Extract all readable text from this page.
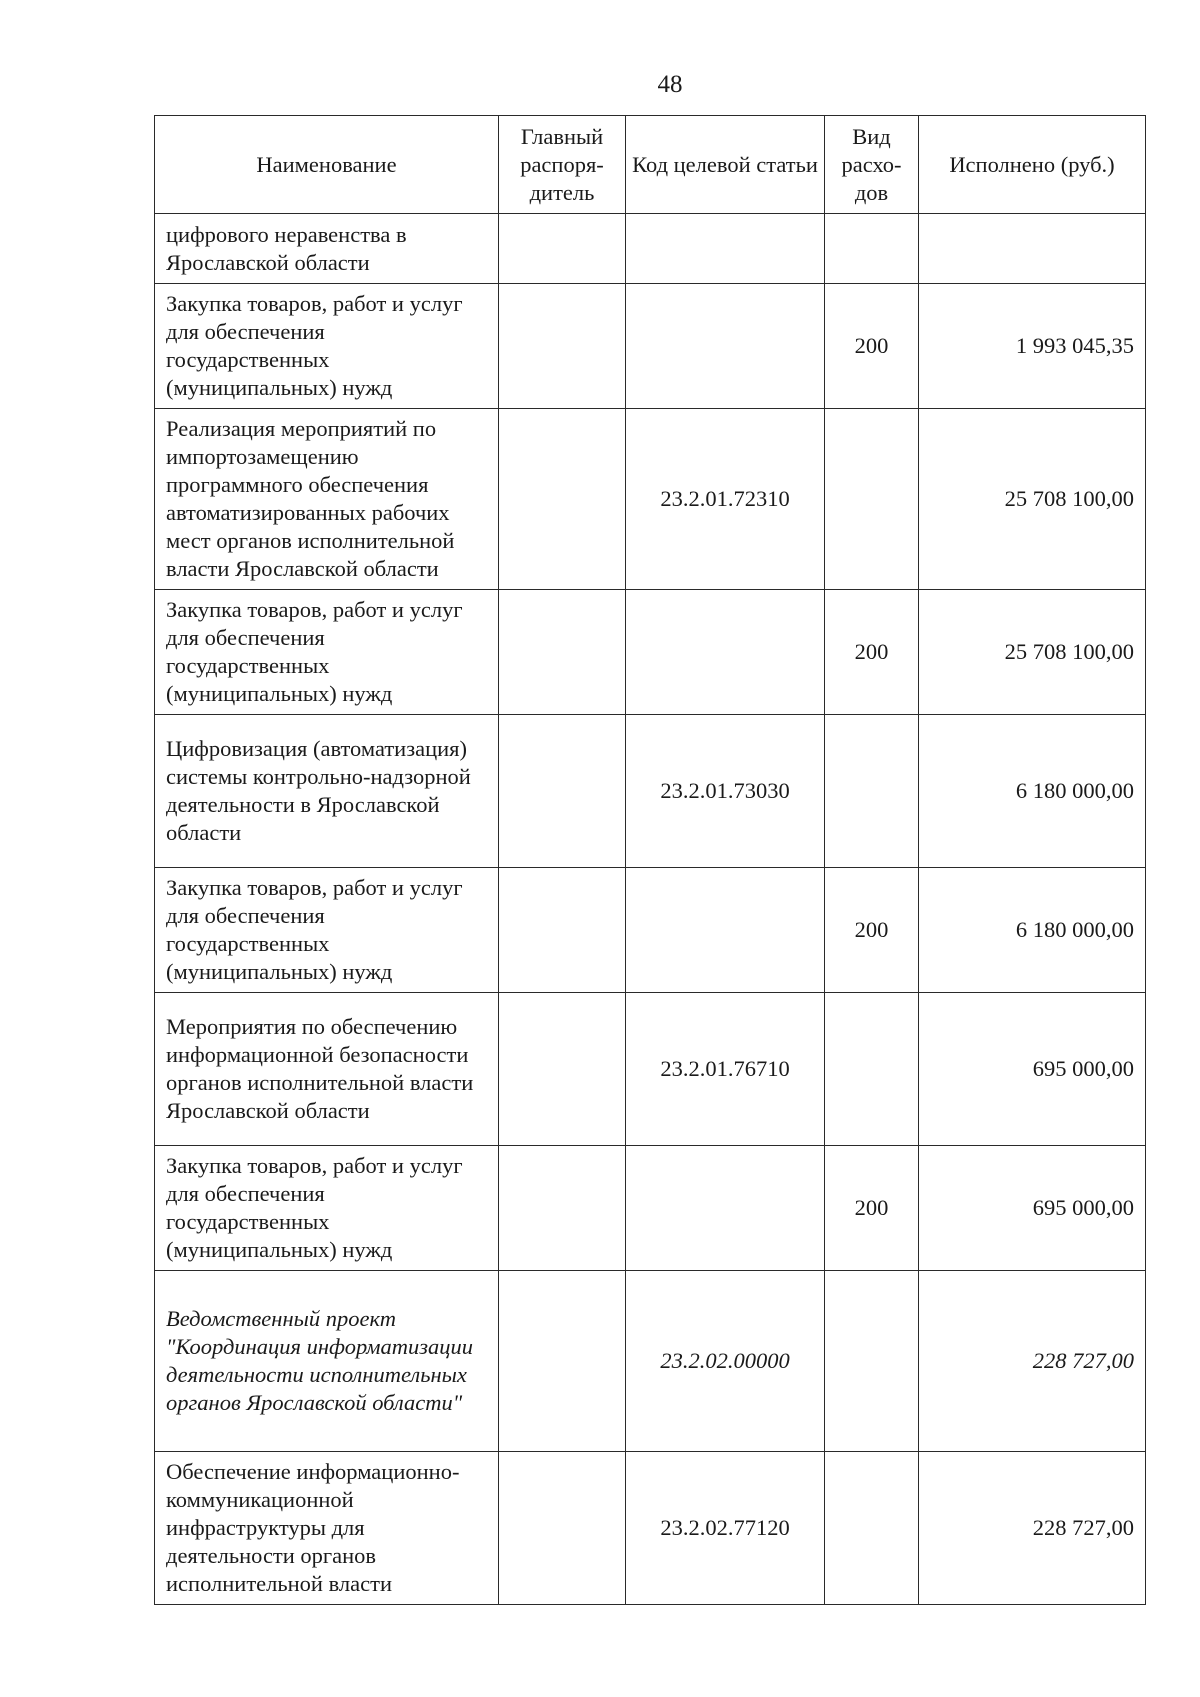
48
Наименование	Главный распоря-дитель	Код целевой статьи	Вид расхо-дов	Исполнено (руб.)
цифрового неравенства в Ярославской области				
Закупка товаров, работ и услуг для обеспечения государственных (муниципальных) нужд			200	1 993 045,35
Реализация мероприятий по импортозамещению программного обеспечения автоматизированных рабочих мест органов исполнительной власти Ярославской области		23.2.01.72310		25 708 100,00
Закупка товаров, работ и услуг для обеспечения государственных (муниципальных) нужд			200	25 708 100,00
Цифровизация (автоматизация) системы контрольно-надзорной деятельности в Ярославской области		23.2.01.73030		6 180 000,00
Закупка товаров, работ и услуг для обеспечения государственных (муниципальных) нужд			200	6 180 000,00
Мероприятия по обеспечению информационной безопасности органов исполнительной власти Ярославской области		23.2.01.76710		695 000,00
Закупка товаров, работ и услуг для обеспечения государственных (муниципальных) нужд			200	695 000,00
Ведомственный проект "Координация информатизации деятельности исполнительных органов Ярославской области"		23.2.02.00000		228 727,00
Обеспечение информационно-коммуникационной инфраструктуры для деятельности органов исполнительной власти		23.2.02.77120		228 727,00
